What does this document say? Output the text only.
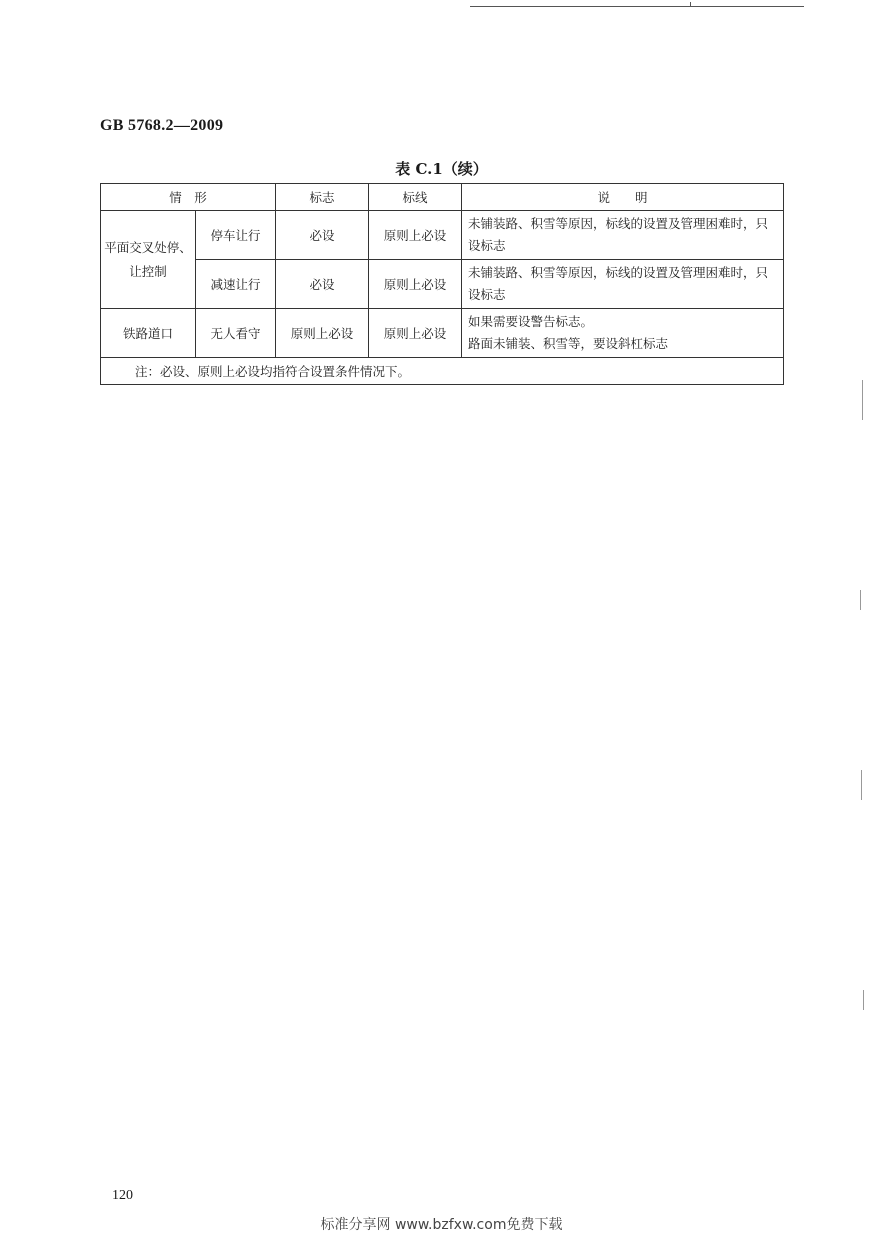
GB 5768.2—2009
表 C.1（续）
情　形		标志	标线	说　　明
平面交叉处停、让控制	停车让行	必设	原则上必设	未铺装路、积雪等原因，标线的设置及管理困难时，只设标志
	减速让行	必设	原则上必设	未铺装路、积雪等原因，标线的设置及管理困难时，只设标志
铁路道口	无人看守	原则上必设	原则上必设	如果需要设警告标志。
路面未铺装、积雪等，要设斜杠标志

注：必设、原则上必设均指符合设置条件情况下。				
120
标准分享网 www.bzfxw.com免费下载
